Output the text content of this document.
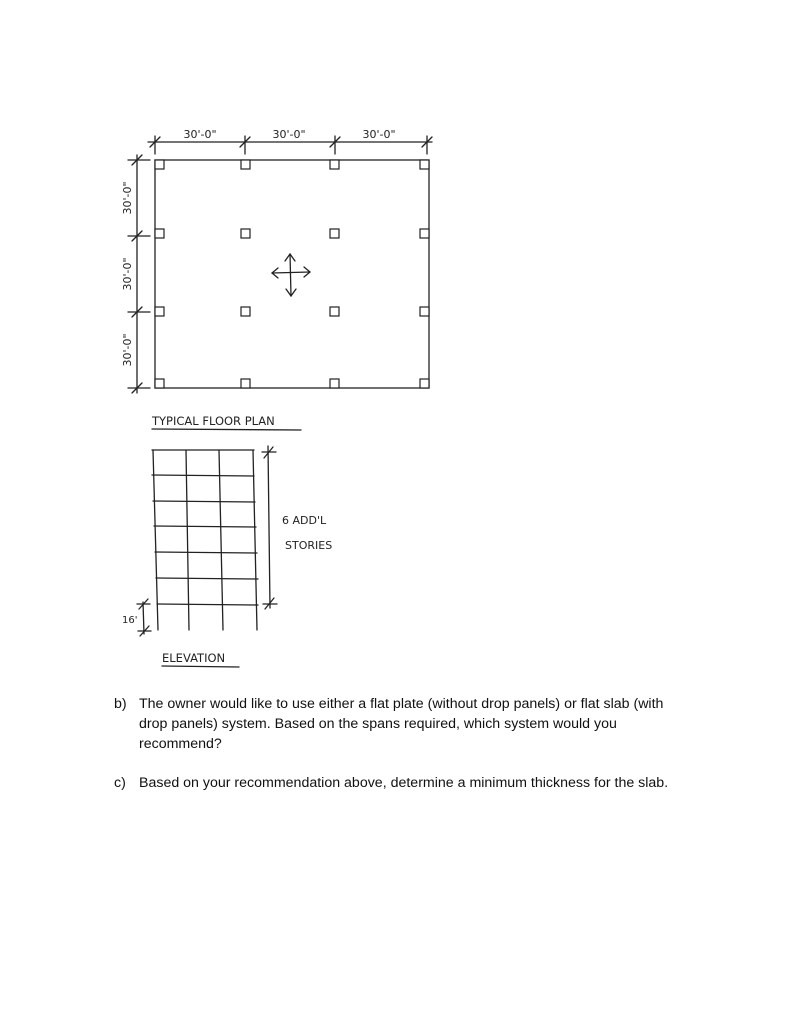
30'-0"	30'-0"	30'-0"
30'-0"
30'-0"
30'-0"
TYPICAL FLOOR PLAN
6 ADD'L
STORIES
16'
ELEVATION
b) The owner would like to use either a flat plate (without drop panels) or flat slab (with drop panels) system. Based on the spans required, which system would you recommend?
c) Based on your recommendation above, determine a minimum thickness for the slab.
